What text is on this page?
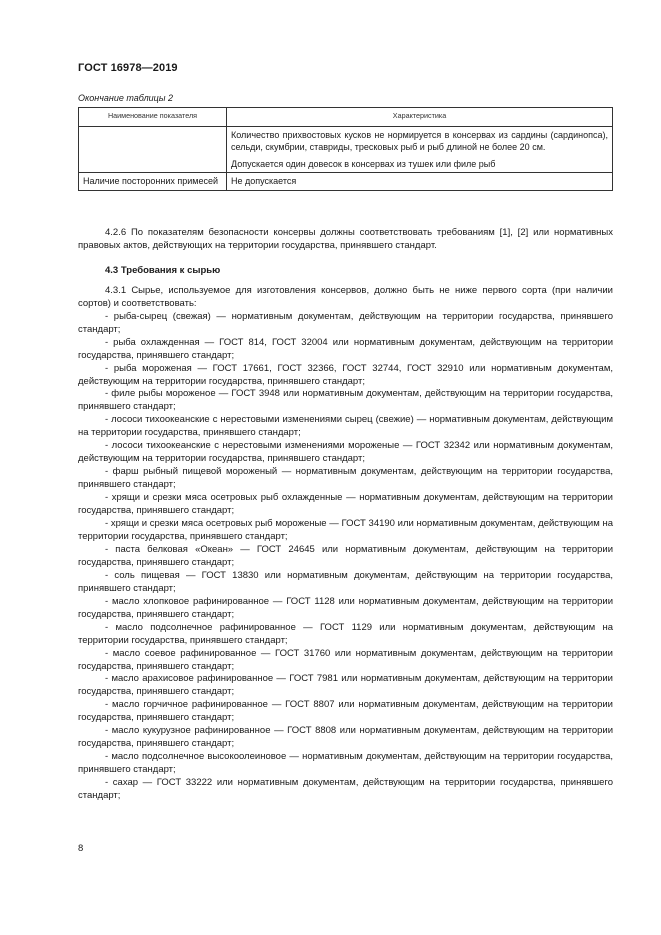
ГОСТ 16978—2019
Окончание таблицы 2
Наименование показателя	Характеристика

	Количество прихвостовых кусков не нормируется в консервах из сардины (сардинопса), сельди, скумбрии, ставриды, тресковых рыб и рыб длиной не более 20 см.

Допускается один довесок в консервах из тушек или филе рыб

Наличие посторонних примесей	Не допускается

4.2.6 По показателям безопасности консервы должны соответствовать требованиям [1], [2] или нормативных правовых актов, действующих на территории государства, принявшего стандарт.

4.3 Требования к сырью

4.3.1 Сырье, используемое для изготовления консервов, должно быть не ниже первого сорта (при наличии сортов) и соответствовать:

- рыба-сырец (свежая) — нормативным документам, действующим на территории государства, принявшего стандарт;

- рыба охлажденная — ГОСТ 814, ГОСТ 32004 или нормативным документам, действующим на территории государства, принявшего стандарт;

- рыба мороженая — ГОСТ 17661, ГОСТ 32366, ГОСТ 32744, ГОСТ 32910 или нормативным документам, действующим на территории государства, принявшего стандарт;

- филе рыбы мороженое — ГОСТ 3948 или нормативным документам, действующим на территории государства, принявшего стандарт;

- лососи тихоокеанские с нерестовыми изменениями сырец (свежие) — нормативным документам, действующим на территории государства, принявшего стандарт;

- лососи тихоокеанские с нерестовыми изменениями мороженые — ГОСТ 32342 или нормативным документам, действующим на территории государства, принявшего стандарт;

- фарш рыбный пищевой мороженый — нормативным документам, действующим на территории государства, принявшего стандарт;

- хрящи и срезки мяса осетровых рыб охлажденные — нормативным документам, действующим на территории государства, принявшего стандарт;

- хрящи и срезки мяса осетровых рыб мороженые — ГОСТ 34190 или нормативным документам, действующим на территории государства, принявшего стандарт;

- паста белковая «Океан» — ГОСТ 24645 или нормативным документам, действующим на территории государства, принявшего стандарт;

- соль пищевая — ГОСТ 13830 или нормативным документам, действующим на территории государства, принявшего стандарт;

- масло хлопковое рафинированное — ГОСТ 1128 или нормативным документам, действующим на территории государства, принявшего стандарт;

- масло подсолнечное рафинированное — ГОСТ 1129 или нормативным документам, действующим на территории государства, принявшего стандарт;

- масло соевое рафинированное — ГОСТ 31760 или нормативным документам, действующим на территории государства, принявшего стандарт;

- масло арахисовое рафинированное — ГОСТ 7981 или нормативным документам, действующим на территории государства, принявшего стандарт;

- масло горчичное рафинированное — ГОСТ 8807 или нормативным документам, действующим на территории государства, принявшего стандарт;

- масло кукурузное рафинированное — ГОСТ 8808 или нормативным документам, действующим на территории государства, принявшего стандарт;

- масло подсолнечное высокоолеиновое — нормативным документам, действующим на территории государства, принявшего стандарт;

- сахар — ГОСТ 33222 или нормативным документам, действующим на территории государства, принявшего стандарт;

8
